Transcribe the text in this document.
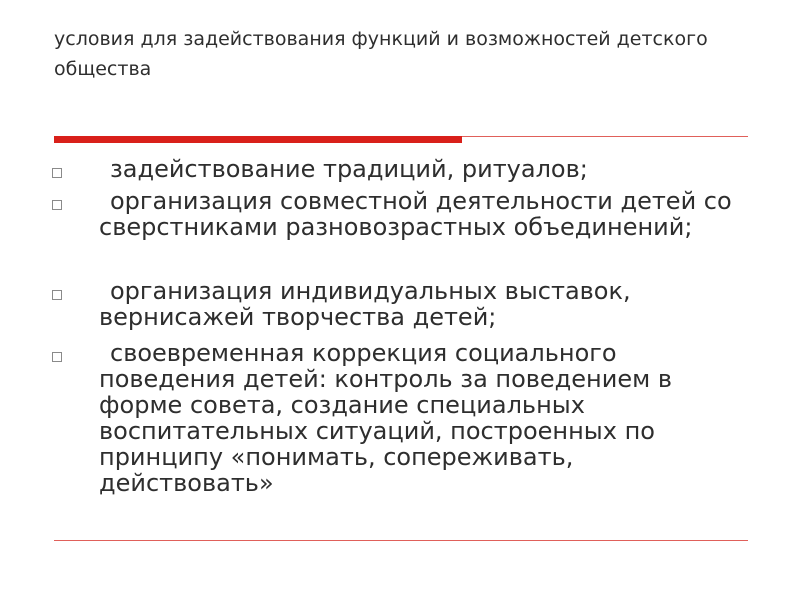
условия для задействования функций и возможностей детского общества
задействование традиций, ритуалов;
организация совместной деятельности детей со сверстниками разновозрастных объединений;
организация индивидуальных выставок, вернисажей творчества детей;
своевременная коррекция социального поведения детей: контроль за поведением в форме совета, создание специальных воспитательных ситуаций, построенных по принципу «понимать, сопереживать, действовать»
